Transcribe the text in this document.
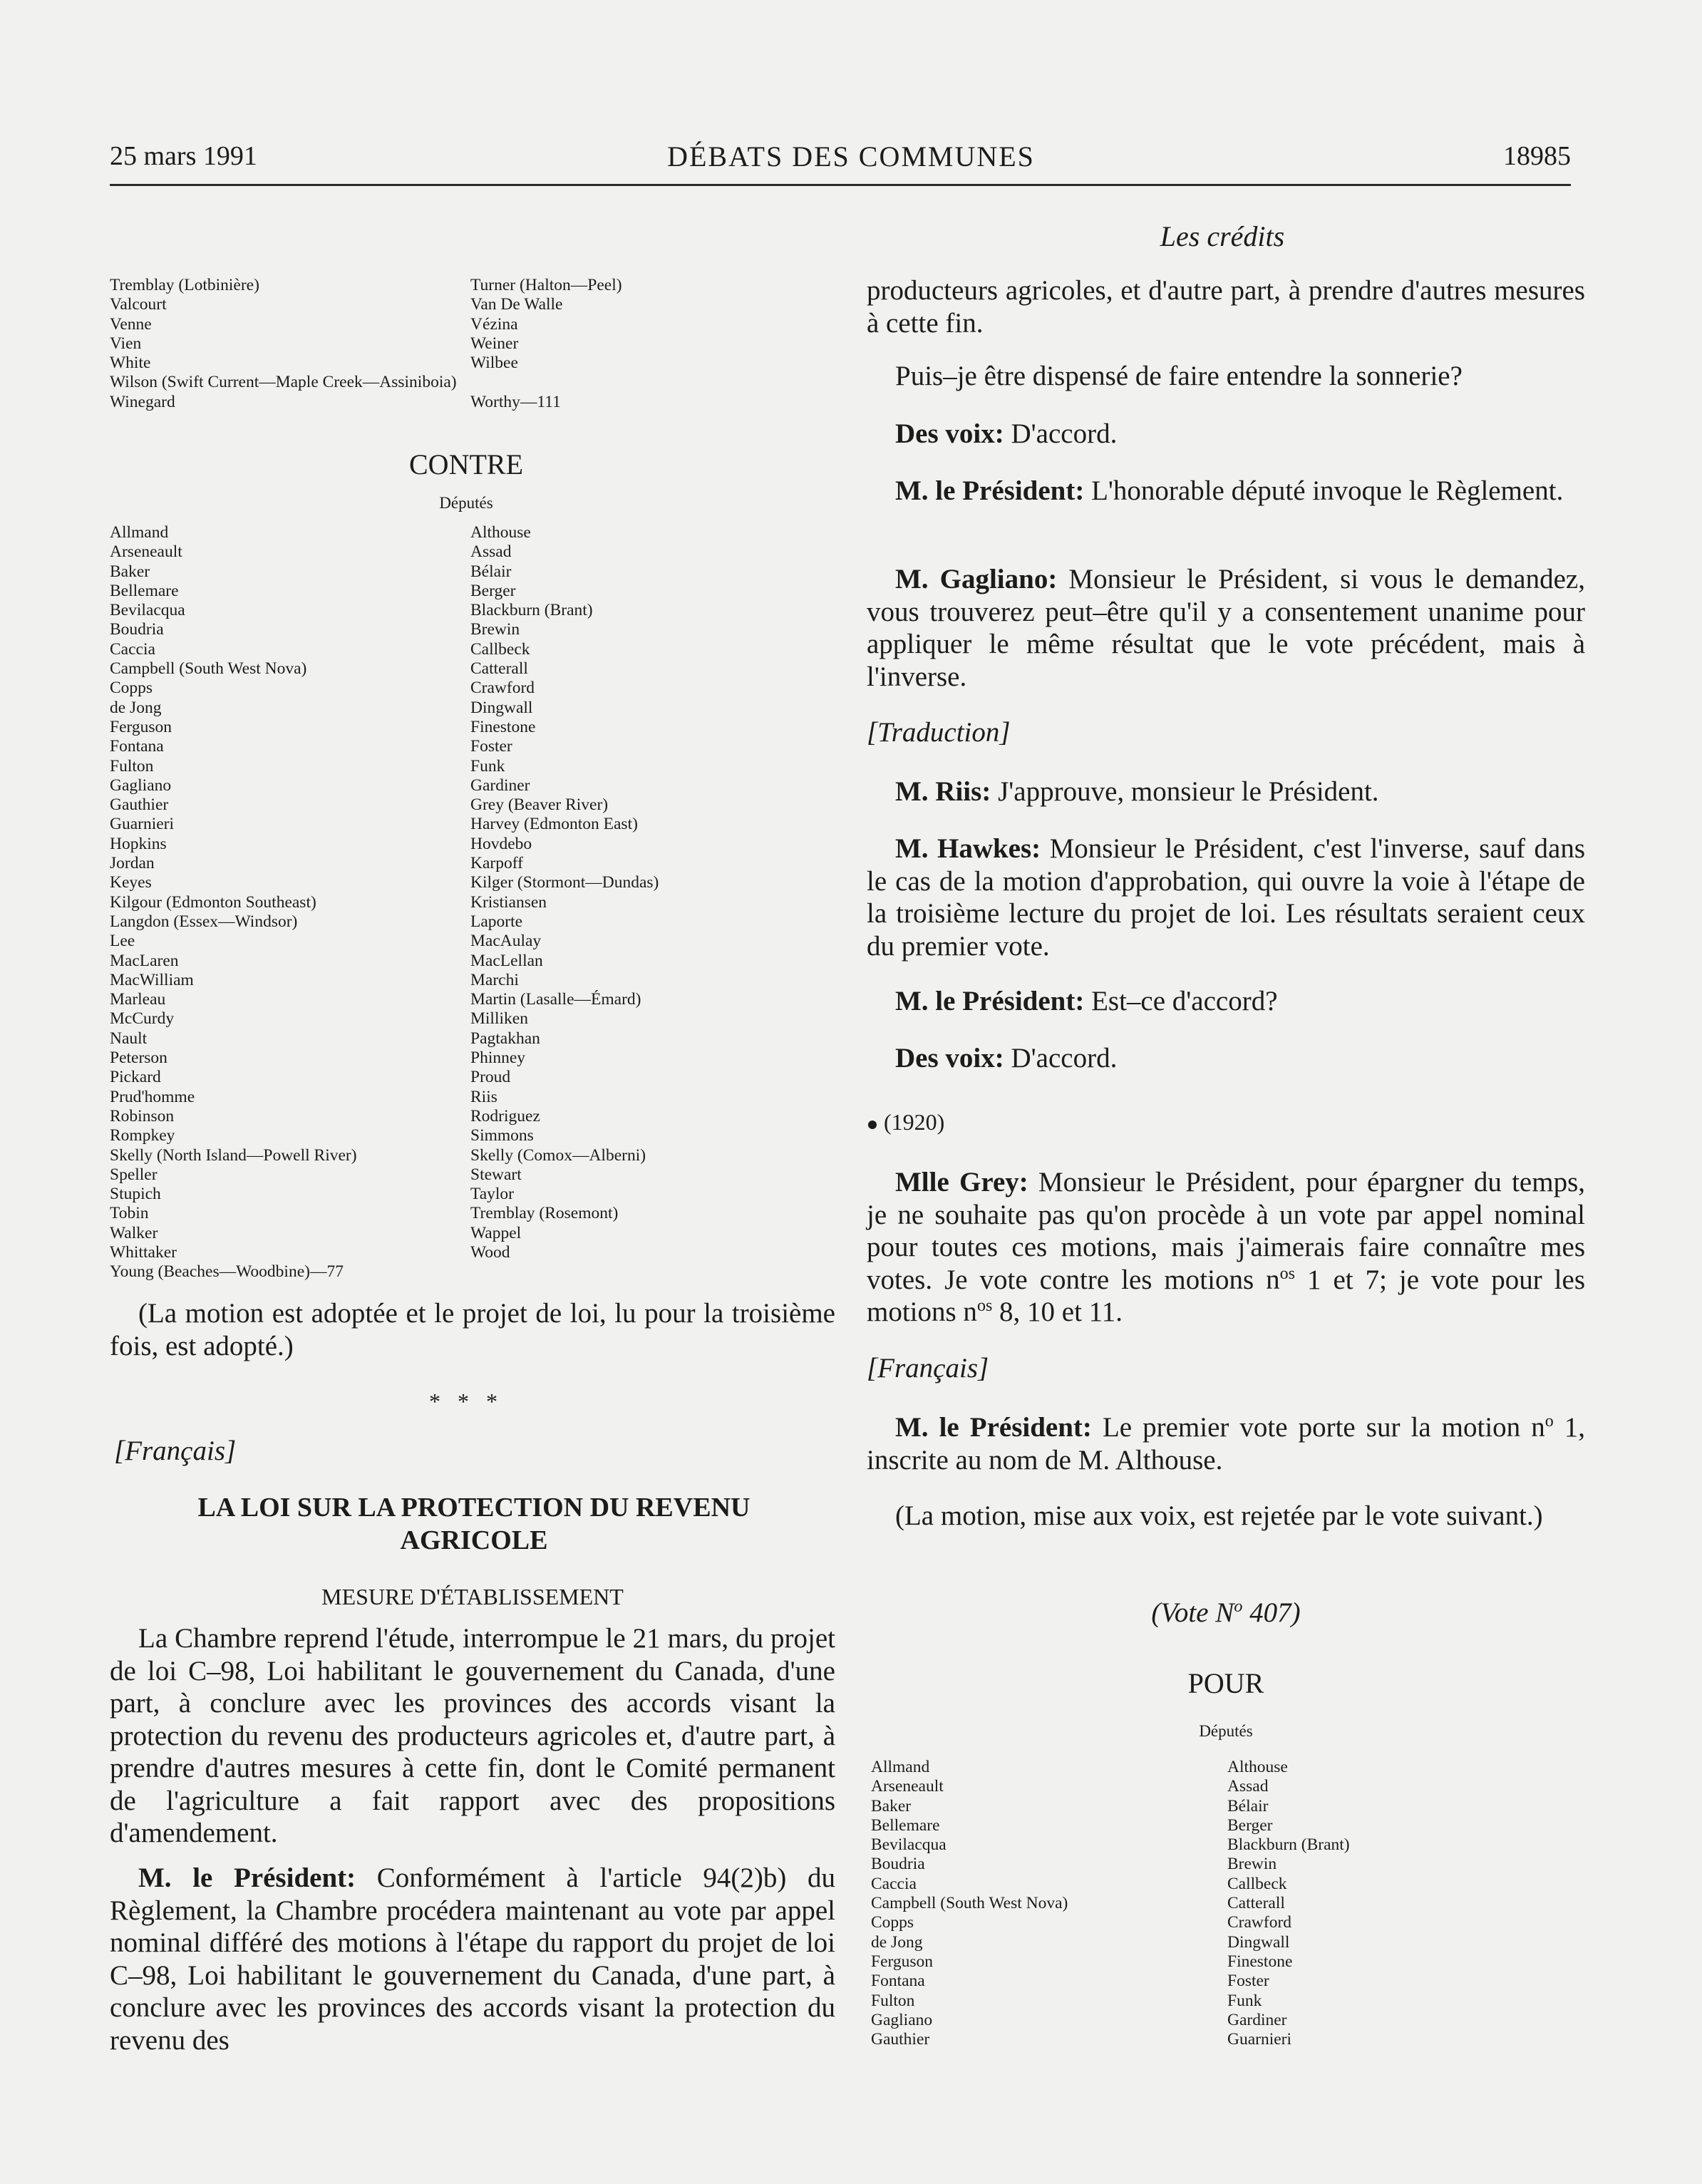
25 mars 1991	DÉBATS DES COMMUNES	18985
Les crédits
Tremblay (Lotbinière)
Valcourt
Venne
Vien
White
Wilson (Swift Current—Maple Creek—Assiniboia)
Winegard
Turner (Halton—Peel)
Van De Walle
Vézina
Weiner
Wilbee

Worthy—111
CONTRE
Députés
Allmand
Arseneault
Baker
Bellemare
Bevilacqua
Boudria
Caccia
Campbell (South West Nova)
Copps
de Jong
Ferguson
Fontana
Fulton
Gagliano
Gauthier
Guarnieri
Hopkins
Jordan
Keyes
Kilgour (Edmonton Southeast)
Langdon (Essex—Windsor)
Lee
MacLaren
MacWilliam
Marleau
McCurdy
Nault
Peterson
Pickard
Prud'homme
Robinson
Rompkey
Skelly (North Island—Powell River)
Speller
Stupich
Tobin
Walker
Whittaker
Young (Beaches—Woodbine)—77
Althouse
Assad
Bélair
Berger
Blackburn (Brant)
Brewin
Callbeck
Catterall
Crawford
Dingwall
Finestone
Foster
Funk
Gardiner
Grey (Beaver River)
Harvey (Edmonton East)
Hovdebo
Karpoff
Kilger (Stormont—Dundas)
Kristiansen
Laporte
MacAulay
MacLellan
Marchi
Martin (Lasalle—Émard)
Milliken
Pagtakhan
Phinney
Proud
Riis
Rodriguez
Simmons
Skelly (Comox—Alberni)
Stewart
Taylor
Tremblay (Rosemont)
Wappel
Wood

(La motion est adoptée et le projet de loi, lu pour la troisième fois, est adopté.)

* * *
[Français]
LA LOI SUR LA PROTECTION DU REVENU AGRICOLE
MESURE D'ÉTABLISSEMENT

La Chambre reprend l'étude, interrompue le 21 mars, du projet de loi C–98, Loi habilitant le gouvernement du Canada, d'une part, à conclure avec les provinces des accords visant la protection du revenu des producteurs agricoles et, d'autre part, à prendre d'autres mesures à cette fin, dont le Comité permanent de l'agriculture a fait rapport avec des propositions d'amendement.

M. le Président: Conformément à l'article 94(2)b) du Règlement, la Chambre procédera maintenant au vote par appel nominal différé des motions à l'étape du rapport du projet de loi C–98, Loi habilitant le gouvernement du Canada, d'une part, à conclure avec les provinces des accords visant la protection du revenu des

producteurs agricoles, et d'autre part, à prendre d'autres mesures à cette fin.

Puis–je être dispensé de faire entendre la sonnerie?

Des voix: D'accord.

M. le Président: L'honorable député invoque le Règlement.

M. Gagliano: Monsieur le Président, si vous le demandez, vous trouverez peut–être qu'il y a consentement unanime pour appliquer le même résultat que le vote précédent, mais à l'inverse.

[Traduction]

M. Riis: J'approuve, monsieur le Président.

M. Hawkes: Monsieur le Président, c'est l'inverse, sauf dans le cas de la motion d'approbation, qui ouvre la voie à l'étape de la troisième lecture du projet de loi. Les résultats seraient ceux du premier vote.

M. le Président: Est–ce d'accord?

Des voix: D'accord.

(1920)

Mlle Grey: Monsieur le Président, pour épargner du temps, je ne souhaite pas qu'on procède à un vote par appel nominal pour toutes ces motions, mais j'aimerais faire connaître mes votes. Je vote contre les motions $n^{os}$ 1 et 7; je vote pour les motions $n^{os}$ 8, 10 et 11.

[Français]

M. le Président: Le premier vote porte sur la motion $n^o$ 1, inscrite au nom de M. Althouse.

(La motion, mise aux voix, est rejetée par le vote suivant.)

(Vote $N^o$ 407)
POUR
Députés
Allmand
Arseneault
Baker
Bellemare
Bevilacqua
Boudria
Caccia
Campbell (South West Nova)
Copps
de Jong
Ferguson
Fontana
Fulton
Gagliano
Gauthier
Althouse
Assad
Bélair
Berger
Blackburn (Brant)
Brewin
Callbeck
Catterall
Crawford
Dingwall
Finestone
Foster
Funk
Gardiner
Guarnieri
